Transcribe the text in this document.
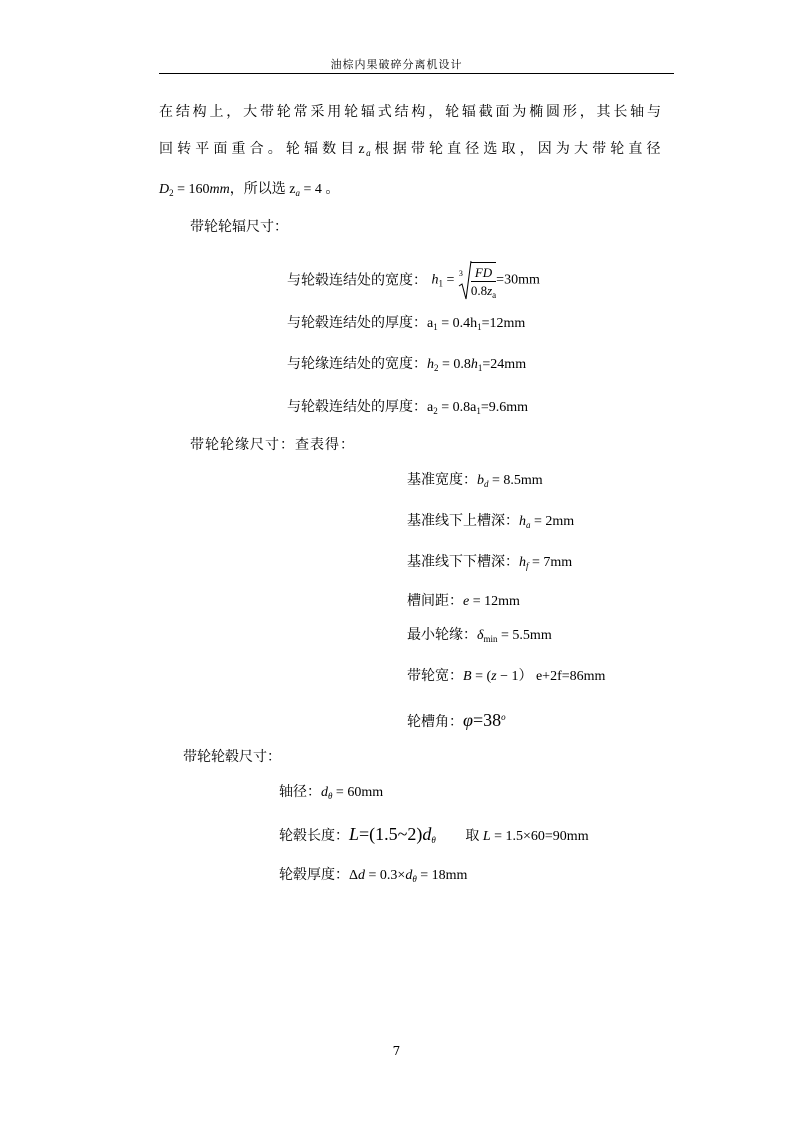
油棕内果破碎分离机设计
在结构上，大带轮常采用轮辐式结构，轮辐截面为椭圆形，其长轴与
回转平面重合。轮辐数目$z_a$根据带轮直径选取，因为大带轮直径
$D_2 = 160mm$，所以选 $z_a = 4$ 。
带轮轮辐尺寸：
与轮毂连结处的宽度： $h_1 = 3 \frac{FD}{0.8z_a} =30mm$
与轮毂连结处的厚度：$a_1 = 0.4h_1=12mm$
与轮缘连结处的宽度：$h_2 = 0.8h_1=24mm$
与轮毂连结处的厚度：$a_2 = 0.8a_1=9.6mm$
带轮轮缘尺寸：查表得：
基准宽度：$b_d = 8.5mm$
基准线下上槽深：$h_a = 2mm$
基准线下下槽深：$h_f = 7mm$
槽间距：e = 12mm
最小轮缘：$\delta_{min} = 5.5mm$
带轮宽：B = (z − 1） e+2f=86mm
轮槽角：$\varphi=38^o$
带轮轮毂尺寸：
轴径：$d_\theta = 60mm$
轮毂长度：$L=(1.5\sim 2)d_\theta$ 取 L = 1.5×60=90mm
轮毂厚度：$\Delta d = 0.3\times d_\theta = 18mm$
7
